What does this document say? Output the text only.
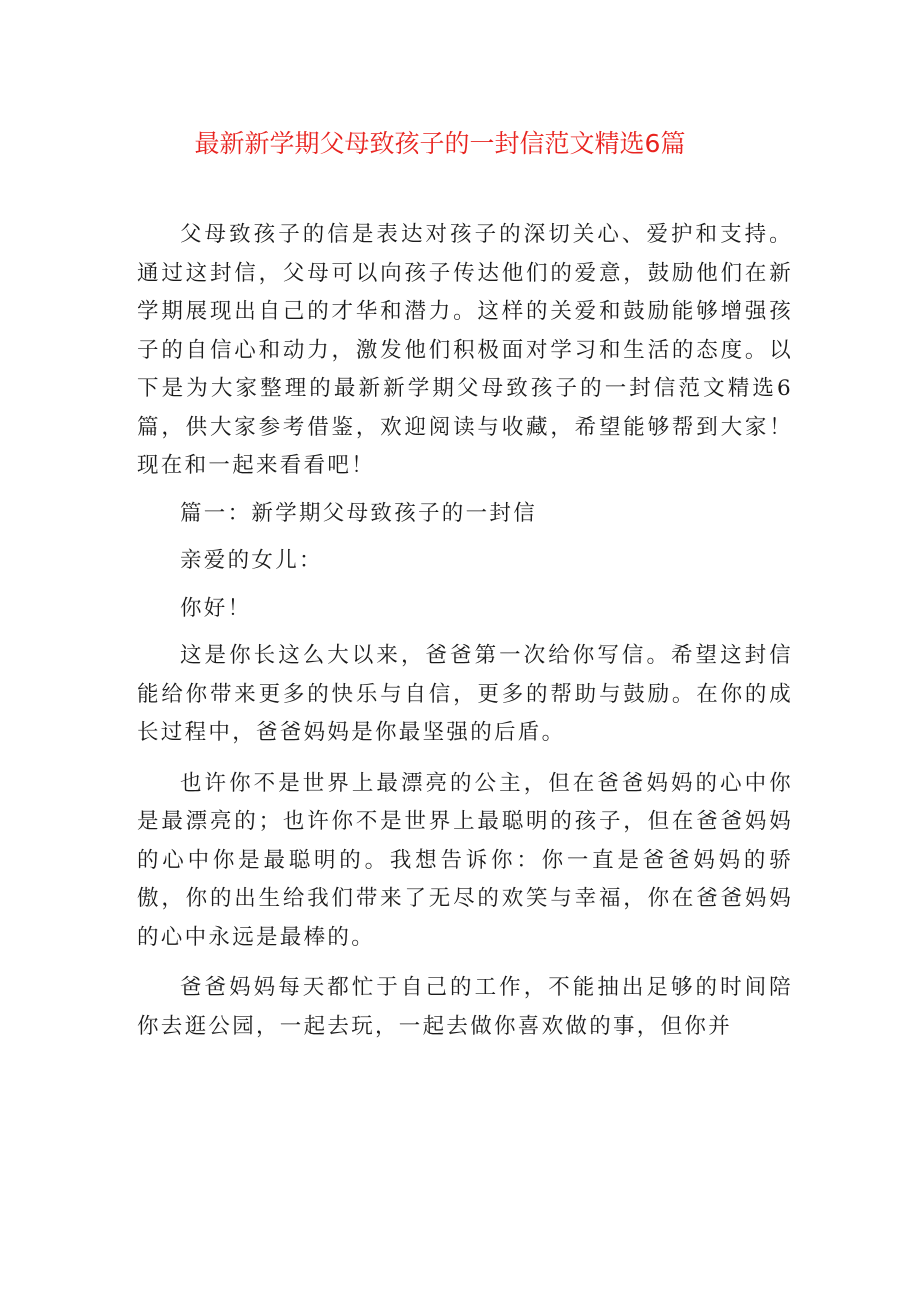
最新新学期父母致孩子的一封信范文精选6篇

父母致孩子的信是表达对孩子的深切关心、爱护和支持。通过这封信，父母可以向孩子传达他们的爱意，鼓励他们在新学期展现出自己的才华和潜力。这样的关爱和鼓励能够增强孩子的自信心和动力，激发他们积极面对学习和生活的态度。以下是为大家整理的最新新学期父母致孩子的一封信范文精选6篇，供大家参考借鉴，欢迎阅读与收藏，希望能够帮到大家！现在和一起来看看吧！

篇一：新学期父母致孩子的一封信

亲爱的女儿：

你好！

这是你长这么大以来，爸爸第一次给你写信。希望这封信能给你带来更多的快乐与自信，更多的帮助与鼓励。在你的成长过程中，爸爸妈妈是你最坚强的后盾。

也许你不是世界上最漂亮的公主，但在爸爸妈妈的心中你是最漂亮的；也许你不是世界上最聪明的孩子，但在爸爸妈妈的心中你是最聪明的。我想告诉你：你一直是爸爸妈妈的骄傲，你的出生给我们带来了无尽的欢笑与幸福，你在爸爸妈妈的心中永远是最棒的。

爸爸妈妈每天都忙于自己的工作，不能抽出足够的时间陪你去逛公园，一起去玩，一起去做你喜欢做的事，但你并
